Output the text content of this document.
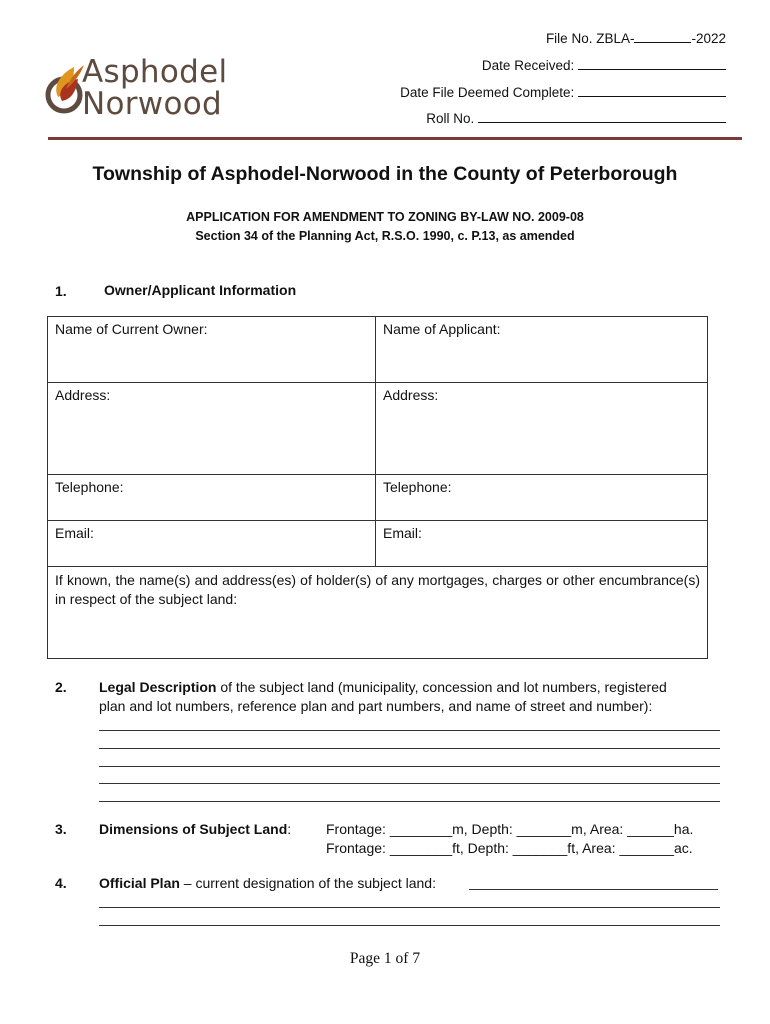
Asphodel
Norwood
File No. ZBLA-	-2022
Date Received:
Date File Deemed Complete:
Roll No.
Township of Asphodel-Norwood in the County of Peterborough
APPLICATION FOR AMENDMENT TO ZONING BY-LAW NO. 2009-08
Section 34 of the Planning Act, R.S.O. 1990, c. P.13, as amended
1.	Owner/Applicant Information
Name of Current Owner:	Name of Applicant:
Address:	Address:
Telephone:	Telephone:
Email:	Email:
If known, the name(s) and address(es) of holder(s) of any mortgages, charges or other encumbrance(s) in respect of the subject land:	
2. Legal Description of the subject land (municipality, concession and lot numbers, registered
plan and lot numbers, reference plan and part numbers, and name of street and number):
3. Dimensions of Subject Land: Frontage: ________m, Depth: _______m, Area: ______ha.
Frontage: ________ft, Depth: _______ft, Area: _______ac.
4. Official Plan – current designation of the subject land:
Page 1 of 7
